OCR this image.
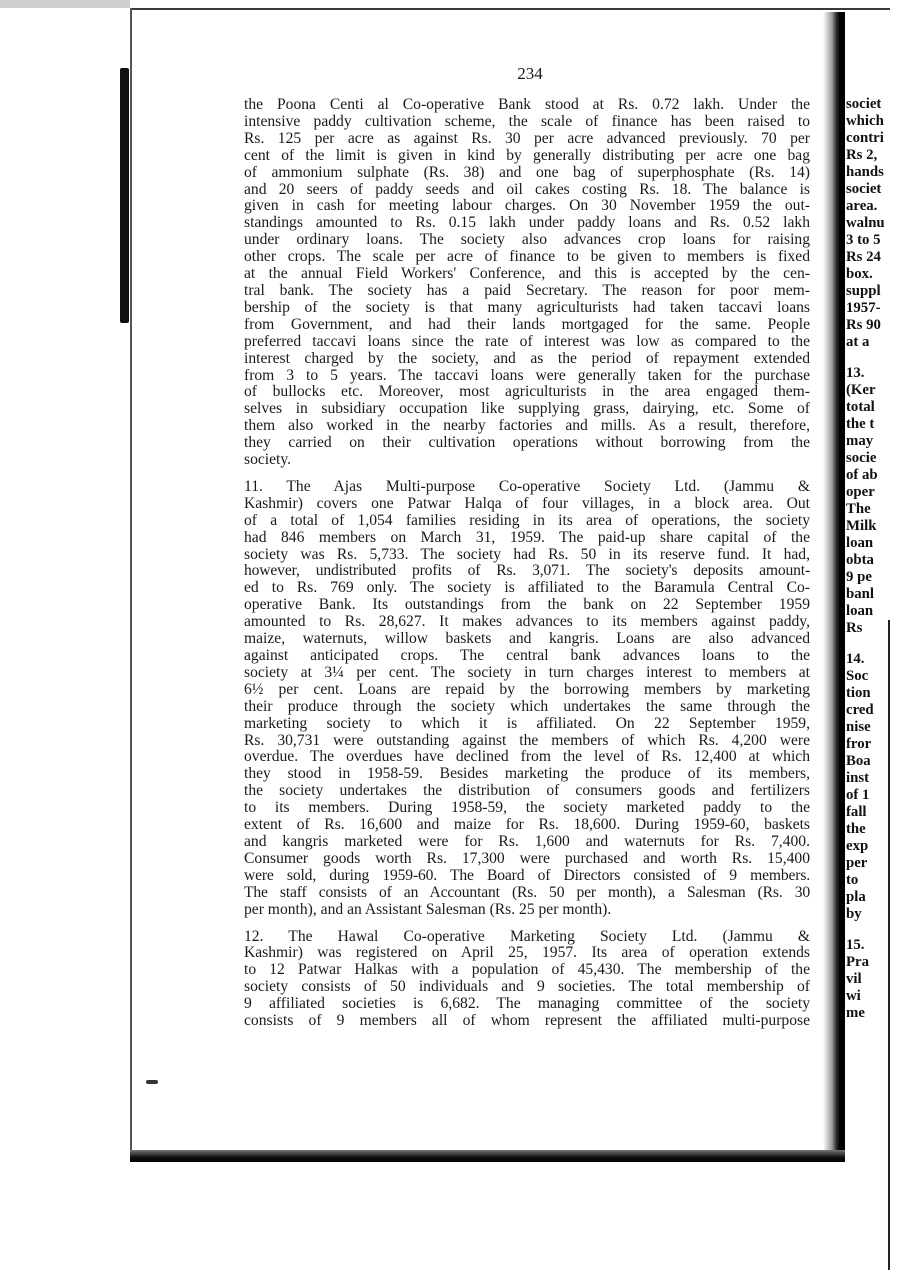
234

the Poona Centi al Co-operative Bank stood at Rs. 0.72 lakh. Under the
intensive paddy cultivation scheme, the scale of finance has been raised to
Rs. 125 per acre as against Rs. 30 per acre advanced previously. 70 per
cent of the limit is given in kind by generally distributing per acre one bag
of ammonium sulphate (Rs. 38) and one bag of superphosphate (Rs. 14)
and 20 seers of paddy seeds and oil cakes costing Rs. 18. The balance is
given in cash for meeting labour charges. On 30 November 1959 the out-
standings amounted to Rs. 0.15 lakh under paddy loans and Rs. 0.52 lakh
under ordinary loans. The society also advances crop loans for raising
other crops. The scale per acre of finance to be given to members is fixed
at the annual Field Workers' Conference, and this is accepted by the cen-
tral bank. The society has a paid Secretary. The reason for poor mem-
bership of the society is that many agriculturists had taken taccavi loans
from Government, and had their lands mortgaged for the same. People
preferred taccavi loans since the rate of interest was low as compared to the
interest charged by the society, and as the period of repayment extended
from 3 to 5 years. The taccavi loans were generally taken for the purchase
of bullocks etc. Moreover, most agriculturists in the area engaged them-
selves in subsidiary occupation like supplying grass, dairying, etc. Some of
them also worked in the nearby factories and mills. As a result, therefore,
they carried on their cultivation operations without borrowing from the
society.

11. The Ajas Multi-purpose Co-operative Society Ltd. (Jammu &
Kashmir) covers one Patwar Halqa of four villages, in a block area. Out
of a total of 1,054 families residing in its area of operations, the society
had 846 members on March 31, 1959. The paid-up share capital of the
society was Rs. 5,733. The society had Rs. 50 in its reserve fund. It had,
however, undistributed profits of Rs. 3,071. The society's deposits amount-
ed to Rs. 769 only. The society is affiliated to the Baramula Central Co-
operative Bank. Its outstandings from the bank on 22 September 1959
amounted to Rs. 28,627. It makes advances to its members against paddy,
maize, waternuts, willow baskets and kangris. Loans are also advanced
against anticipated crops. The central bank advances loans to the
society at 3¼ per cent. The society in turn charges interest to members at
6½ per cent. Loans are repaid by the borrowing members by marketing
their produce through the society which undertakes the same through the
marketing society to which it is affiliated. On 22 September 1959,
Rs. 30,731 were outstanding against the members of which Rs. 4,200 were
overdue. The overdues have declined from the level of Rs. 12,400 at which
they stood in 1958-59. Besides marketing the produce of its members,
the society undertakes the distribution of consumers goods and fertilizers
to its members. During 1958-59, the society marketed paddy to the
extent of Rs. 16,600 and maize for Rs. 18,600. During 1959-60, baskets
and kangris marketed were for Rs. 1,600 and waternuts for Rs. 7,400.
Consumer goods worth Rs. 17,300 were purchased and worth Rs. 15,400
were sold, during 1959-60. The Board of Directors consisted of 9 members.
The staff consists of an Accountant (Rs. 50 per month), a Salesman (Rs. 30
per month), and an Assistant Salesman (Rs. 25 per month).

12. The Hawal Co-operative Marketing Society Ltd. (Jammu &
Kashmir) was registered on April 25, 1957. Its area of operation extends
to 12 Patwar Halkas with a population of 45,430. The membership of the
society consists of 50 individuals and 9 societies. The total membership of
9 affiliated societies is 6,682. The managing committee of the society
consists of 9 members all of whom represent the affiliated multi-purpose

societ
which
contri
Rs 2,
hands
societ
area.
walnu
3 to 5
Rs 24
box.
suppl
1957-
Rs 90
at a
13.
(Ker
total
the t
may
socie
of ab
oper
The
Milk
loan
obta
9 pe
banl
loan
Rs
14.
Soc
tion
cred
nise
fror
Boa
inst
of 1
fall
the
exp
per
to
pla
by
15.
Pra
vil
wi
me
